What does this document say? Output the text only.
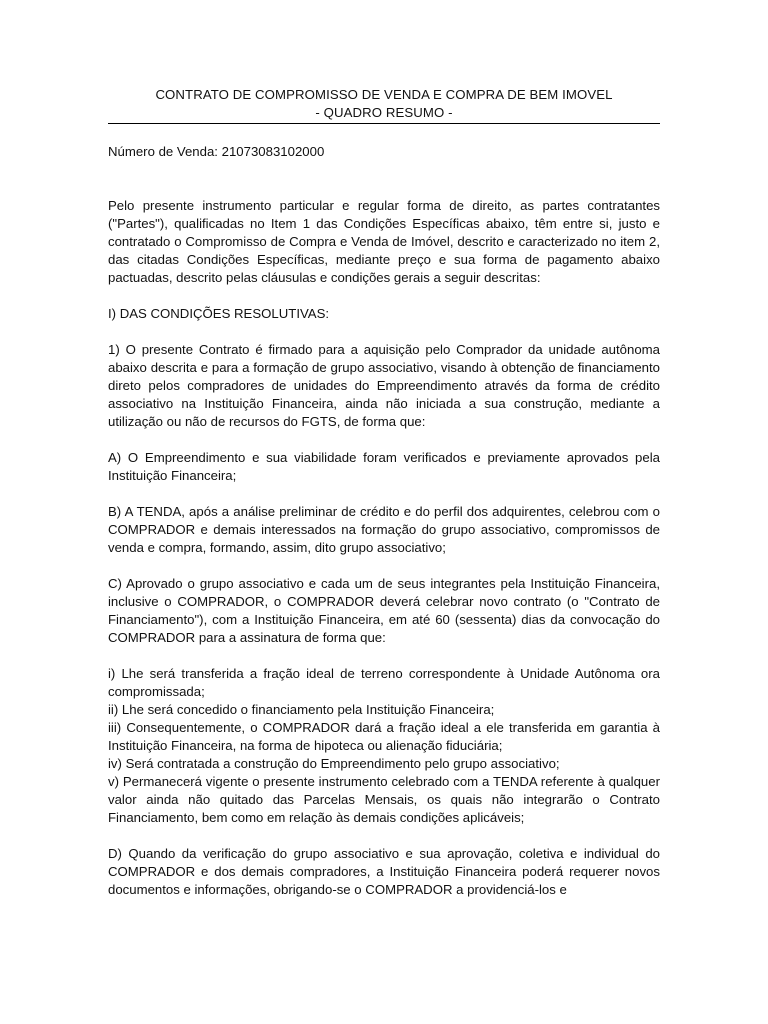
CONTRATO DE COMPROMISSO DE VENDA E COMPRA DE BEM IMOVEL
- QUADRO RESUMO -

Número de Venda: 21073083102000

Pelo presente instrumento particular e regular forma de direito, as partes contratantes ("Partes"), qualificadas no Item 1 das Condições Específicas abaixo, têm entre si, justo e contratado o Compromisso de Compra e Venda de Imóvel, descrito e caracterizado no item 2, das citadas Condições Específicas, mediante preço e sua forma de pagamento abaixo pactuadas, descrito pelas cláusulas e condições gerais a seguir descritas:

I) DAS CONDIÇÕES RESOLUTIVAS:

1) O presente Contrato é firmado para a aquisição pelo Comprador da unidade autônoma abaixo descrita e para a formação de grupo associativo, visando à obtenção de financiamento direto pelos compradores de unidades do Empreendimento através da forma de crédito associativo na Instituição Financeira, ainda não iniciada a sua construção, mediante a utilização ou não de recursos do FGTS, de forma que:

A) O Empreendimento e sua viabilidade foram verificados e previamente aprovados pela Instituição Financeira;

B) A TENDA, após a análise preliminar de crédito e do perfil dos adquirentes, celebrou com o COMPRADOR e demais interessados na formação do grupo associativo, compromissos de venda e compra, formando, assim, dito grupo associativo;

C) Aprovado o grupo associativo e cada um de seus integrantes pela Instituição Financeira, inclusive o COMPRADOR, o COMPRADOR deverá celebrar novo contrato (o "Contrato de Financiamento"), com a Instituição Financeira, em até 60 (sessenta) dias da convocação do COMPRADOR para a assinatura de forma que:

i) Lhe será transferida a fração ideal de terreno correspondente à Unidade Autônoma ora compromissada;

ii) Lhe será concedido o financiamento pela Instituição Financeira;

iii) Consequentemente, o COMPRADOR dará a fração ideal a ele transferida em garantia à Instituição Financeira, na forma de hipoteca ou alienação fiduciária;

iv) Será contratada a construção do Empreendimento pelo grupo associativo;

v) Permanecerá vigente o presente instrumento celebrado com a TENDA referente à qualquer valor ainda não quitado das Parcelas Mensais, os quais não integrarão o Contrato Financiamento, bem como em relação às demais condições aplicáveis;

D) Quando da verificação do grupo associativo e sua aprovação, coletiva e individual do COMPRADOR e dos demais compradores, a Instituição Financeira poderá requerer novos documentos e informações, obrigando-se o COMPRADOR a providenciá-los e
